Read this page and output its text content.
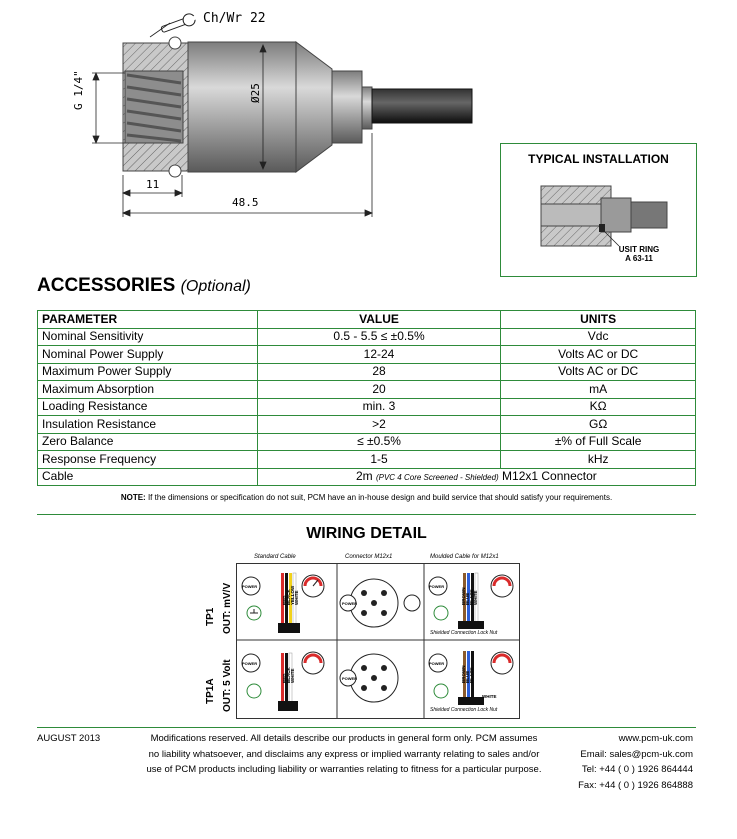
Ch/Wr 22
G 1/4"	Ø25
11
48.5
TYPICAL INSTALLATION
USIT RING
A 63-11
ACCESSORIES (Optional)
PARAMETER	VALUE	UNITS
Nominal Sensitivity	0.5 - 5.5 ≤ ±0.5%	Vdc
Nominal Power Supply	12-24	Volts AC or DC
Maximum Power Supply	28	Volts AC or DC
Maximum Absorption	20	mA
Loading Resistance	min. 3	KΩ
Insulation Resistance	>2	GΩ
Zero Balance	≤ ±0.5%	±% of Full Scale
Response Frequency	1-5	kHz
Cable	2m (PVC 4 Core Screened - Shielded) M12x1 Connector	
NOTE: If the dimensions or specification do not suit, PCM have an in-house design and build service that should satisfy your requirements.
WIRING DETAIL
Standard Cable	Connector M12x1	Moulded Cable for M12x1
TP1 OUT: mV/V
TP1A OUT: 5 Volt
POWER
POWER
POWER
POWER
POWER
POWER
RED BLACK YELLOW WHITE	BROWN BLUE BLACK WHITE
RED BLACK WHITE	BROWN BLUE BLACK
WHITE
Shielded Connection Lock Nut
Shielded Connection Lock Nut
AUGUST 2013	Modifications reserved. All details describe our products in general form only. PCM assumes
no liability whatsoever, and disclaims any express or implied warranty relating to sales and/or
use of PCM products including liability or warranties relating to fitness for a particular purpose.
www.pcm-uk.com
Email: sales@pcm-uk.com
Tel: +44 ( 0 ) 1926 864444
Fax: +44 ( 0 ) 1926 864888
